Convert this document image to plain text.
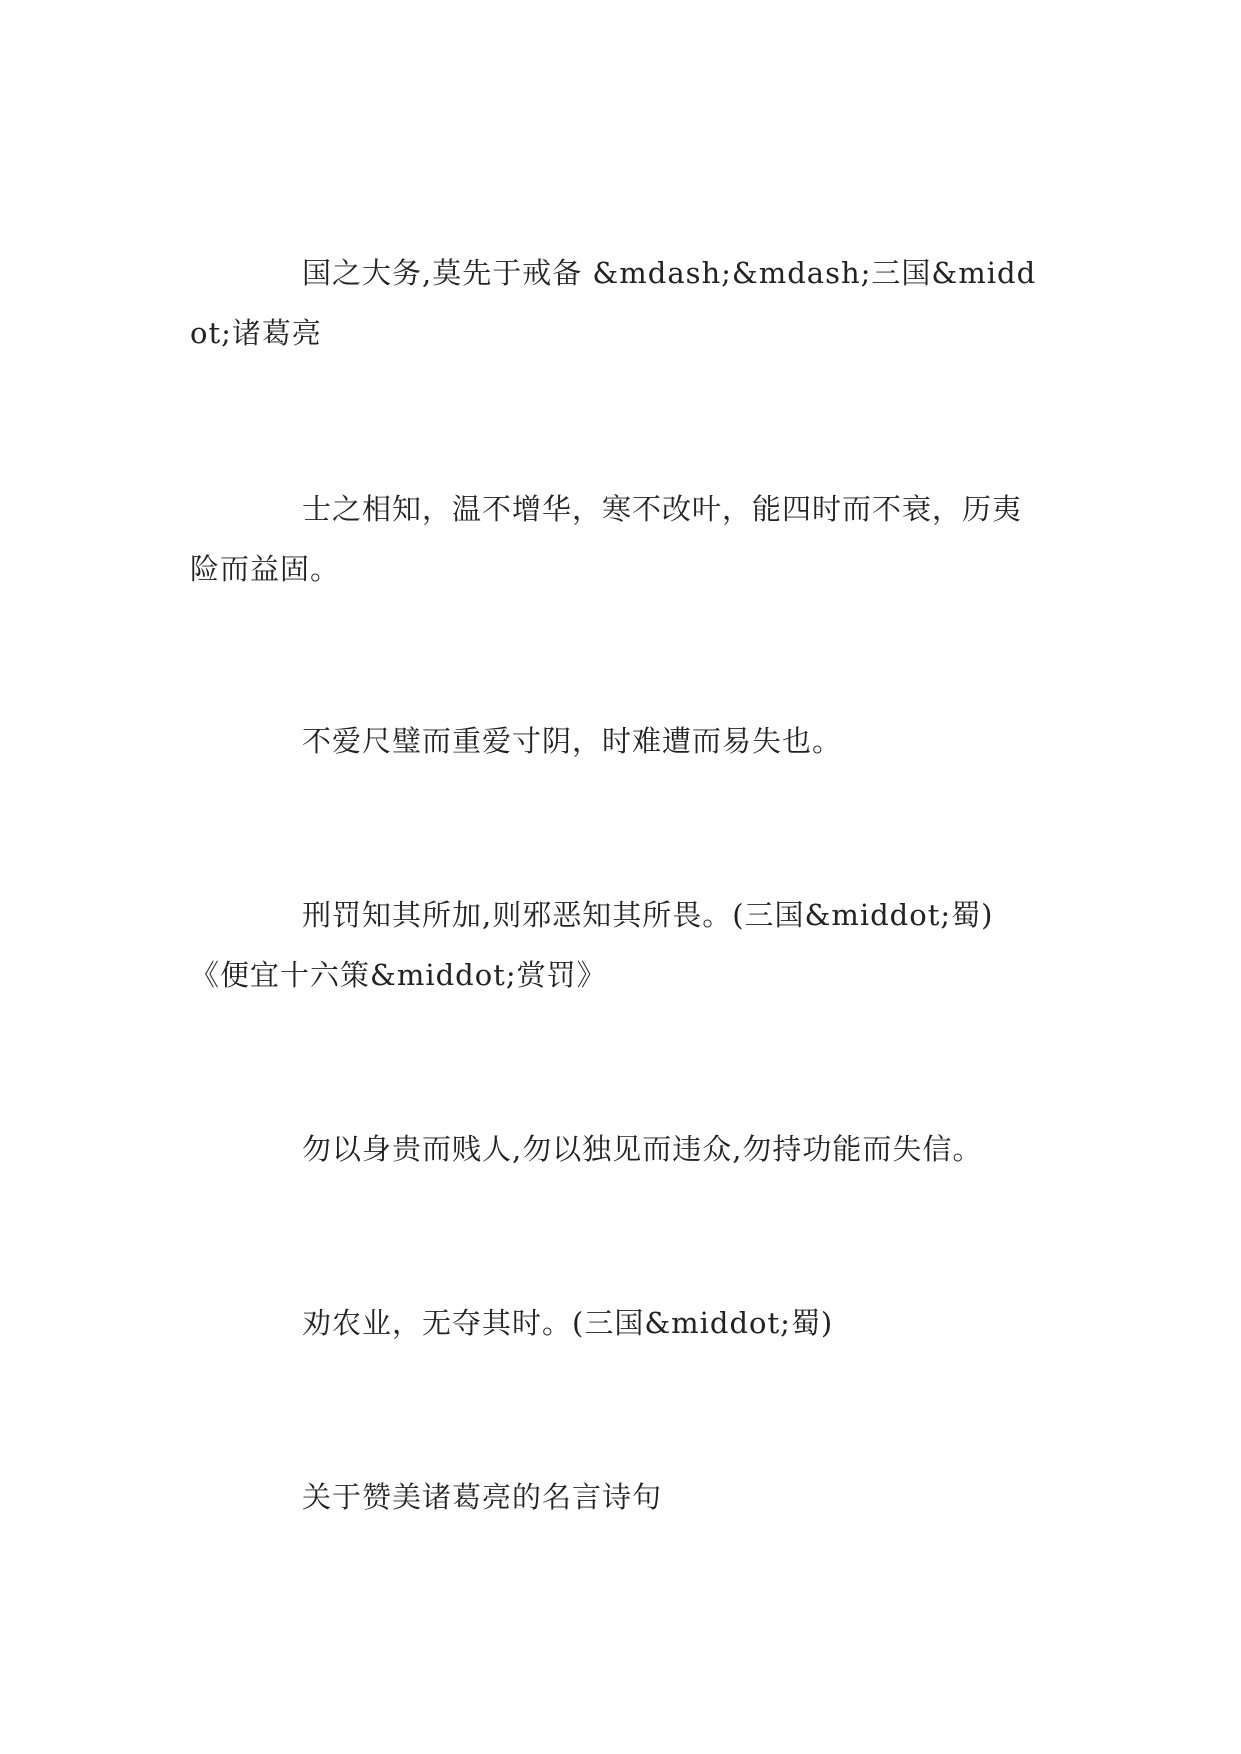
国之大务,莫先于戒备 &mdash;&mdash;三国&middot;诸葛亮

士之相知，温不增华，寒不改叶，能四时而不衰，历夷险而益固。

不爱尺璧而重爱寸阴，时难遭而易失也。

刑罚知其所加,则邪恶知其所畏。(三国&middot;蜀)《便宜十六策&middot;赏罚》

勿以身贵而贱人,勿以独见而违众,勿持功能而失信。

劝农业，无夺其时。(三国&middot;蜀)

关于赞美诸葛亮的名言诗句
